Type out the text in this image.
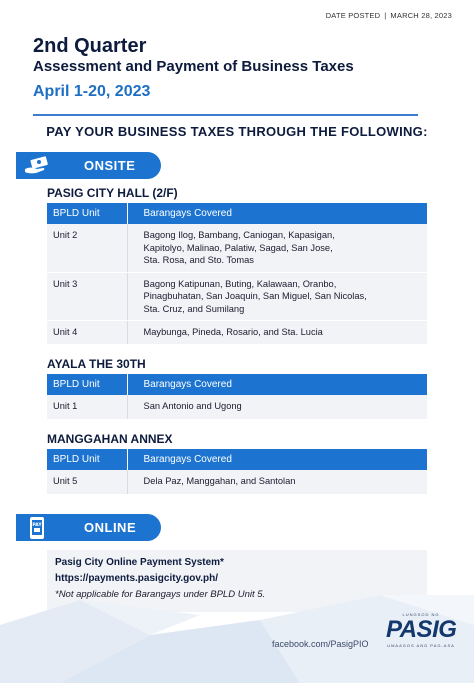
DATE POSTED | MARCH 28, 2023
2nd Quarter
Assessment and Payment of Business Taxes
April 1-20, 2023
PAY YOUR BUSINESS TAXES THROUGH THE FOLLOWING:
ONSITE
PASIG CITY HALL (2/F)
BPLD Unit	Barangays Covered
Unit 2	Bagong Ilog, Bambang, Caniogan, Kapasigan,
Kapitolyo, Malinao, Palatiw, Sagad, San Jose,
Sta. Rosa, and Sto. Tomas

Unit 3	Bagong Katipunan, Buting, Kalawaan, Oranbo,
Pinagbuhatan, San Joaquin, San Miguel, San Nicolas,
Sta. Cruz, and Sumilang

Unit 4	Maybunga, Pineda, Rosario, and Sta. Lucia
AYALA THE 30TH
BPLD Unit	Barangays Covered
Unit 1	San Antonio and Ugong
MANGGAHAN ANNEX
BPLD Unit	Barangays Covered
Unit 5	Dela Paz, Manggahan, and Santolan
PAY	ONLINE
Pasig City Online Payment System*
https://payments.pasigcity.gov.ph/
*Not applicable for Barangays under BPLD Unit 5.
facebook.com/PasigPIO
LUNGSOD NG
PASIG
UMAAGOS ANG PAG-ASA
